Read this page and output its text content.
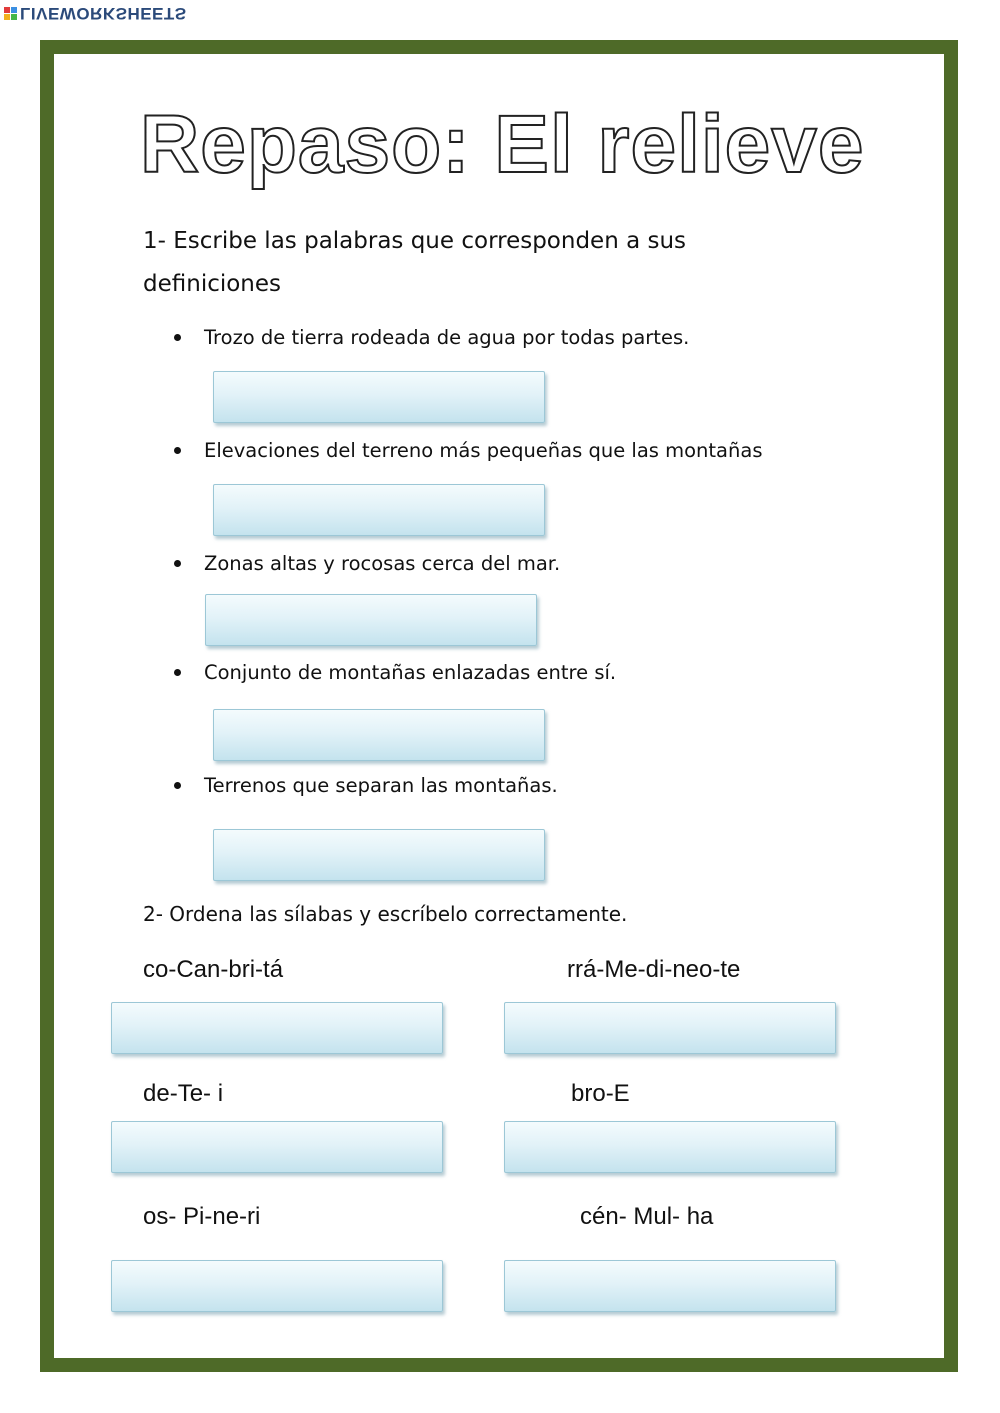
LIVEWORKSHEETS
Repaso: El relieve
1- Escribe las palabras que corresponden a sus definiciones
Trozo de tierra rodeada de agua por todas partes.
Elevaciones del terreno más pequeñas que las montañas
Zonas altas y rocosas cerca del mar.
Conjunto de montañas enlazadas entre sí.
Terrenos que separan las montañas.
2- Ordena las sílabas y escríbelo correctamente.
co-Can-bri-tá	rrá-Me-di-neo-te
de-Te- i	bro-E
os- Pi-ne-ri	cén- Mul- ha
